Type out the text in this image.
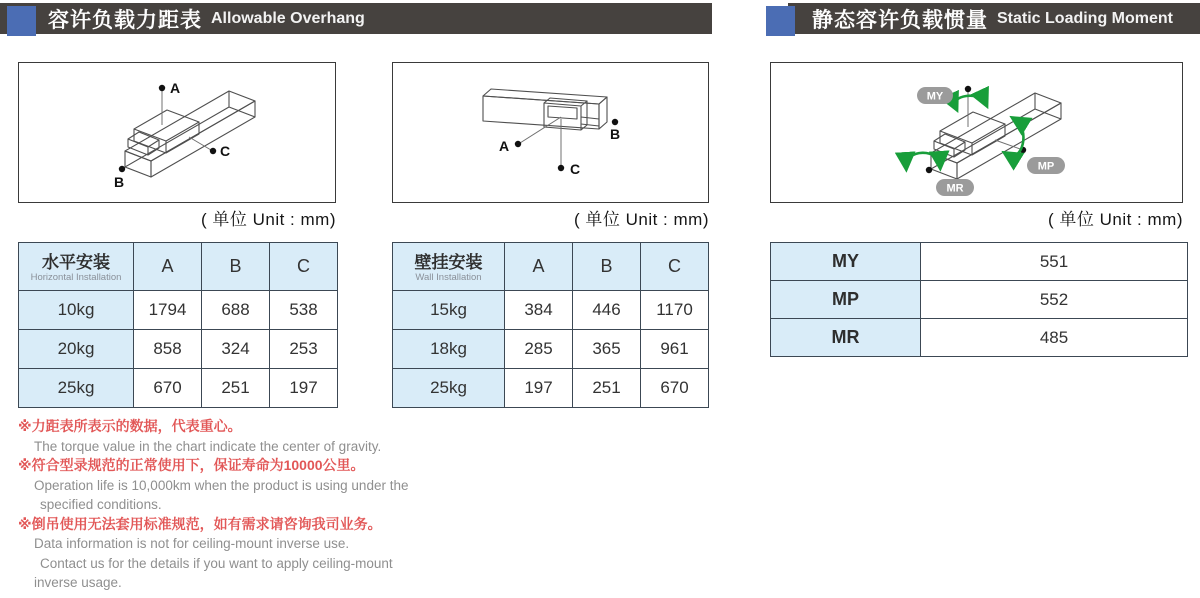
容许负载力距表 Allowable Overhang	静态容许负载惯量 Static Loading Moment
A
B
C
( 单位 Unit : mm)
A
B
C
( 单位 Unit : mm)
MY
MP
MR
( 单位 Unit : mm)
水平安装
Horizontal Installation	A	B	C
10kg	1794	688	538
20kg	858	324	253
25kg	670	251	197
壁挂安装
Wall Installation	A	B	C
15kg	384	446	1170
18kg	285	365	961
25kg	197	251	670
MY	551
MP	552
MR	485
※力距表所表示的数据，代表重心。
The torque value in the chart indicate the center of gravity.
※符合型录规范的正常使用下，保证寿命为10000公里。
Operation life is 10,000km when the product is using under the
specified conditions.
※倒吊使用无法套用标准规范，如有需求请咨询我司业务。
Data information is not for ceiling-mount inverse use.
Contact us for the details if you want to apply ceiling-mount
inverse usage.
